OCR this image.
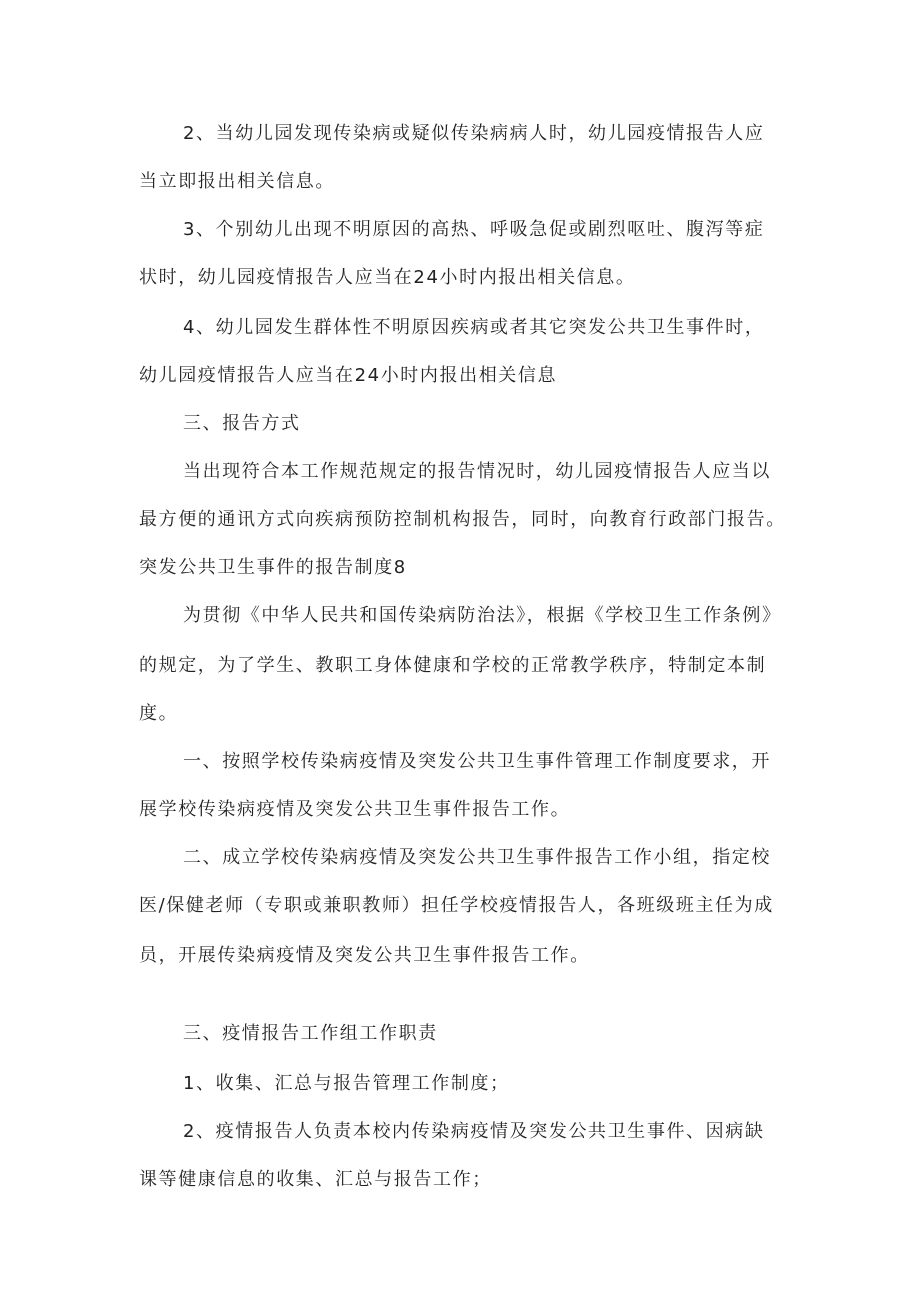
2、当幼儿园发现传染病或疑似传染病病人时，幼儿园疫情报告人应
当立即报出相关信息。
3、个别幼儿出现不明原因的高热、呼吸急促或剧烈呕吐、腹泻等症
状时，幼儿园疫情报告人应当在24小时内报出相关信息。
4、幼儿园发生群体性不明原因疾病或者其它突发公共卫生事件时，
幼儿园疫情报告人应当在24小时内报出相关信息
三、报告方式
当出现符合本工作规范规定的报告情况时，幼儿园疫情报告人应当以
最方便的通讯方式向疾病预防控制机构报告，同时，向教育行政部门报告。
突发公共卫生事件的报告制度8
为贯彻《中华人民共和国传染病防治法》，根据《学校卫生工作条例》
的规定，为了学生、教职工身体健康和学校的正常教学秩序，特制定本制
度。
一、按照学校传染病疫情及突发公共卫生事件管理工作制度要求，开
展学校传染病疫情及突发公共卫生事件报告工作。
二、成立学校传染病疫情及突发公共卫生事件报告工作小组，指定校
医/保健老师（专职或兼职教师）担任学校疫情报告人，各班级班主任为成
员，开展传染病疫情及突发公共卫生事件报告工作。
三、疫情报告工作组工作职责
1、收集、汇总与报告管理工作制度；
2、疫情报告人负责本校内传染病疫情及突发公共卫生事件、因病缺
课等健康信息的收集、汇总与报告工作；
